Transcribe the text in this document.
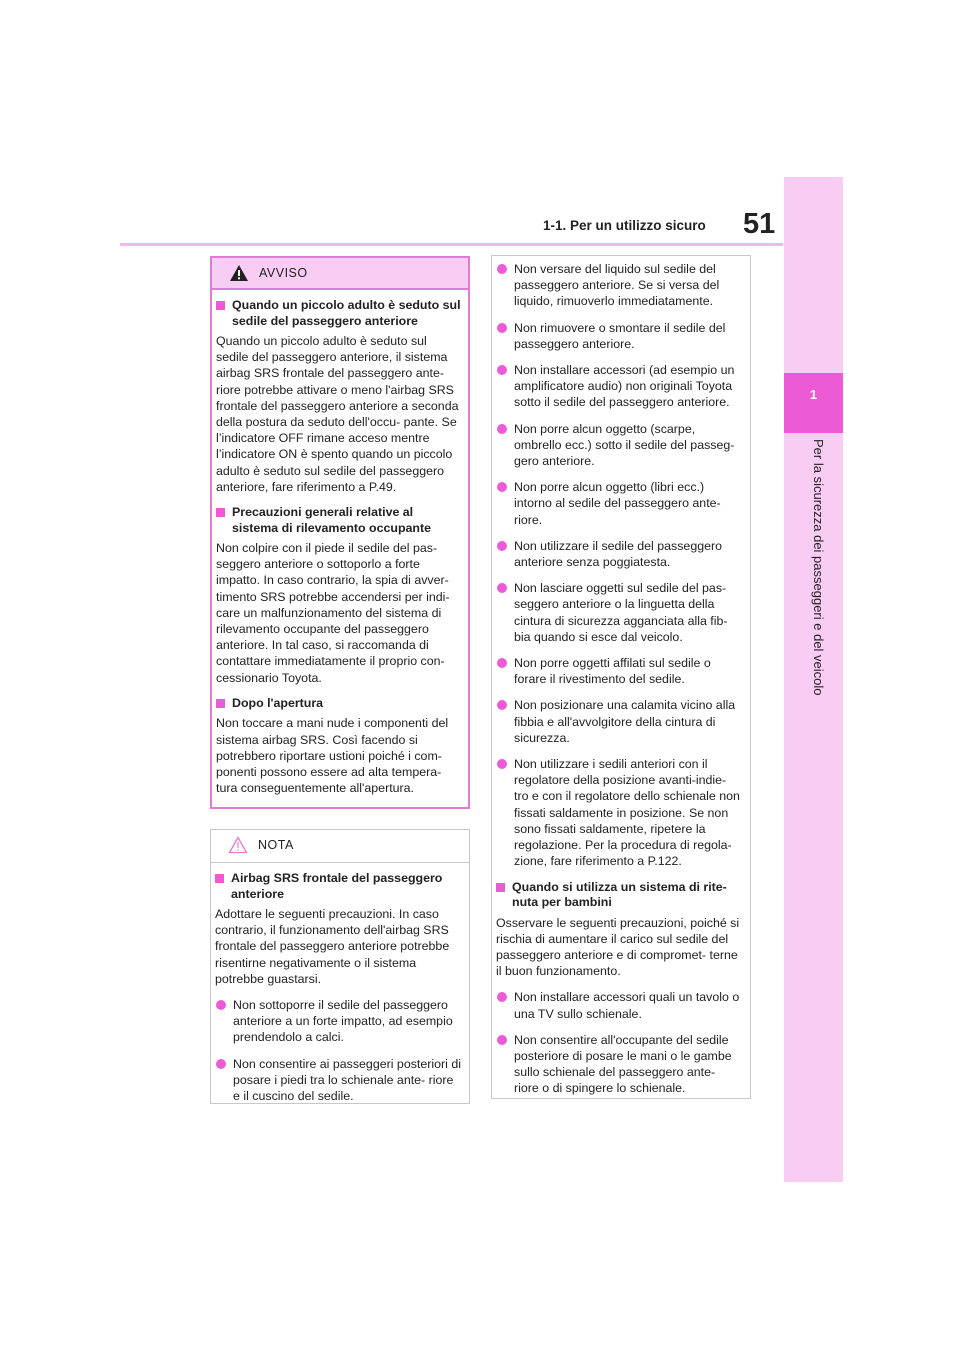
51
1-1. Per un utilizzo sicuro
1
Per la sicurezza dei passeggeri e del veicolo
AVVISO
Quando un piccolo adulto è seduto sul sedile del passeggero anteriore
Quando un piccolo adulto è seduto sul sedile del passeggero anteriore, il sistema airbag SRS frontale del passeggero ante- riore potrebbe attivare o meno l'airbag SRS frontale del passeggero anteriore a seconda della postura da seduto dell'occu- pante. Se l’indicatore OFF rimane acceso mentre l’indicatore ON è spento quando un piccolo adulto è seduto sul sedile del passeggero anteriore, fare riferimento a P.49.
Precauzioni generali relative al sistema di rilevamento occupante
Non colpire con il piede il sedile del pas- seggero anteriore o sottoporlo a forte impatto. In caso contrario, la spia di avver- timento SRS potrebbe accendersi per indi- care un malfunzionamento del sistema di rilevamento occupante del passeggero anteriore. In tal caso, si raccomanda di contattare immediatamente il proprio con- cessionario Toyota.
Dopo l'apertura
Non toccare a mani nude i componenti del sistema airbag SRS. Così facendo si potrebbero riportare ustioni poiché i com- ponenti possono essere ad alta tempera- tura conseguentemente all'apertura.
NOTA
Airbag SRS frontale del passeggero anteriore
Adottare le seguenti precauzioni. In caso contrario, il funzionamento dell'airbag SRS frontale del passeggero anteriore potrebbe risentirne negativamente o il sistema potrebbe guastarsi.
Non sottoporre il sedile del passeggero anteriore a un forte impatto, ad esempio prendendolo a calci.
Non consentire ai passeggeri posteriori di posare i piedi tra lo schienale ante- riore e il cuscino del sedile.
Non versare del liquido sul sedile del passeggero anteriore. Se si versa del liquido, rimuoverlo immediatamente.
Non rimuovere o smontare il sedile del passeggero anteriore.
Non installare accessori (ad esempio un amplificatore audio) non originali Toyota sotto il sedile del passeggero anteriore.
Non porre alcun oggetto (scarpe, ombrello ecc.) sotto il sedile del passeg- gero anteriore.
Non porre alcun oggetto (libri ecc.) intorno al sedile del passeggero ante- riore.
Non utilizzare il sedile del passeggero anteriore senza poggiatesta.
Non lasciare oggetti sul sedile del pas- seggero anteriore o la linguetta della cintura di sicurezza agganciata alla fib- bia quando si esce dal veicolo.
Non porre oggetti affilati sul sedile o forare il rivestimento del sedile.
Non posizionare una calamita vicino alla fibbia e all'avvolgitore della cintura di sicurezza.
Non utilizzare i sedili anteriori con il regolatore della posizione avanti-indie- tro e con il regolatore dello schienale non fissati saldamente in posizione. Se non sono fissati saldamente, ripetere la regolazione. Per la procedura di regola- zione, fare riferimento a P.122.
Quando si utilizza un sistema di rite- nuta per bambini
Osservare le seguenti precauzioni, poiché si rischia di aumentare il carico sul sedile del passeggero anteriore e di compromet- terne il buon funzionamento.
Non installare accessori quali un tavolo o una TV sullo schienale.
Non consentire all'occupante del sedile posteriore di posare le mani o le gambe sullo schienale del passeggero ante- riore o di spingere lo schienale.
